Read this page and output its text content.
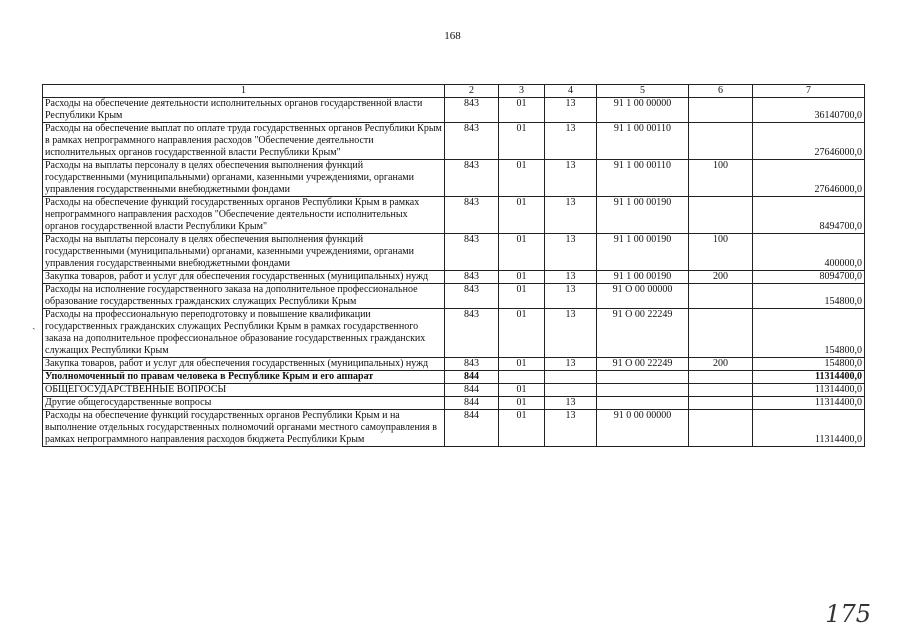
168
ˏ
1	2	3	4	5	6	7
Расходы на обеспечение деятельности исполнительных органов государственной власти Республики Крым	843	01	13	91 1 00 00000		36140700,0
Расходы на обеспечение выплат по оплате труда государственных органов Республики Крым в рамках непрограммного направления расходов "Обеспечение деятельности исполнительных органов государственной власти Республики Крым"	843	01	13	91 1 00 00110		27646000,0
Расходы на выплаты персоналу в целях обеспечения выполнения функций государственными (муниципальными) органами, казенными учреждениями, органами управления государственными внебюджетными фондами	843	01	13	91 1 00 00110	100	27646000,0
Расходы на обеспечение функций государственных органов Республики Крым в рамках непрограммного направления расходов "Обеспечение деятельности исполнительных органов государственной власти Республики Крым"	843	01	13	91 1 00 00190		8494700,0
Расходы на выплаты персоналу в целях обеспечения выполнения функций государственными (муниципальными) органами, казенными учреждениями, органами управления государственными внебюджетными фондами	843	01	13	91 1 00 00190	100	400000,0
Закупка товаров, работ и услуг для обеспечения государственных (муниципальных) нужд	843	01	13	91 1 00 00190	200	8094700,0
Расходы на исполнение государственного заказа на дополнительное профессиональное образование государственных гражданских служащих Республики Крым	843	01	13	91 О 00 00000		154800,0
Расходы на профессиональную переподготовку и повышение квалификации государственных гражданских служащих Республики Крым в рамках государственного заказа на дополнительное профессиональное образование государственных гражданских служащих Республики Крым	843	01	13	91 О 00 22249		154800,0
Закупка товаров, работ и услуг для обеспечения государственных (муниципальных) нужд	843	01	13	91 О 00 22249	200	154800,0
Уполномоченный по правам человека в Республике Крым и его аппарат	844					11314400,0
ОБЩЕГОСУДАРСТВЕННЫЕ ВОПРОСЫ	844	01				11314400,0
Другие общегосударственные вопросы	844	01	13			11314400,0
Расходы на обеспечение функций государственных органов Республики Крым и на выполнение отдельных государственных полномочий органами местного самоуправления в рамках непрограммного направления расходов бюджета Республики Крым	844	01	13	91 0 00 00000		11314400,0
175
